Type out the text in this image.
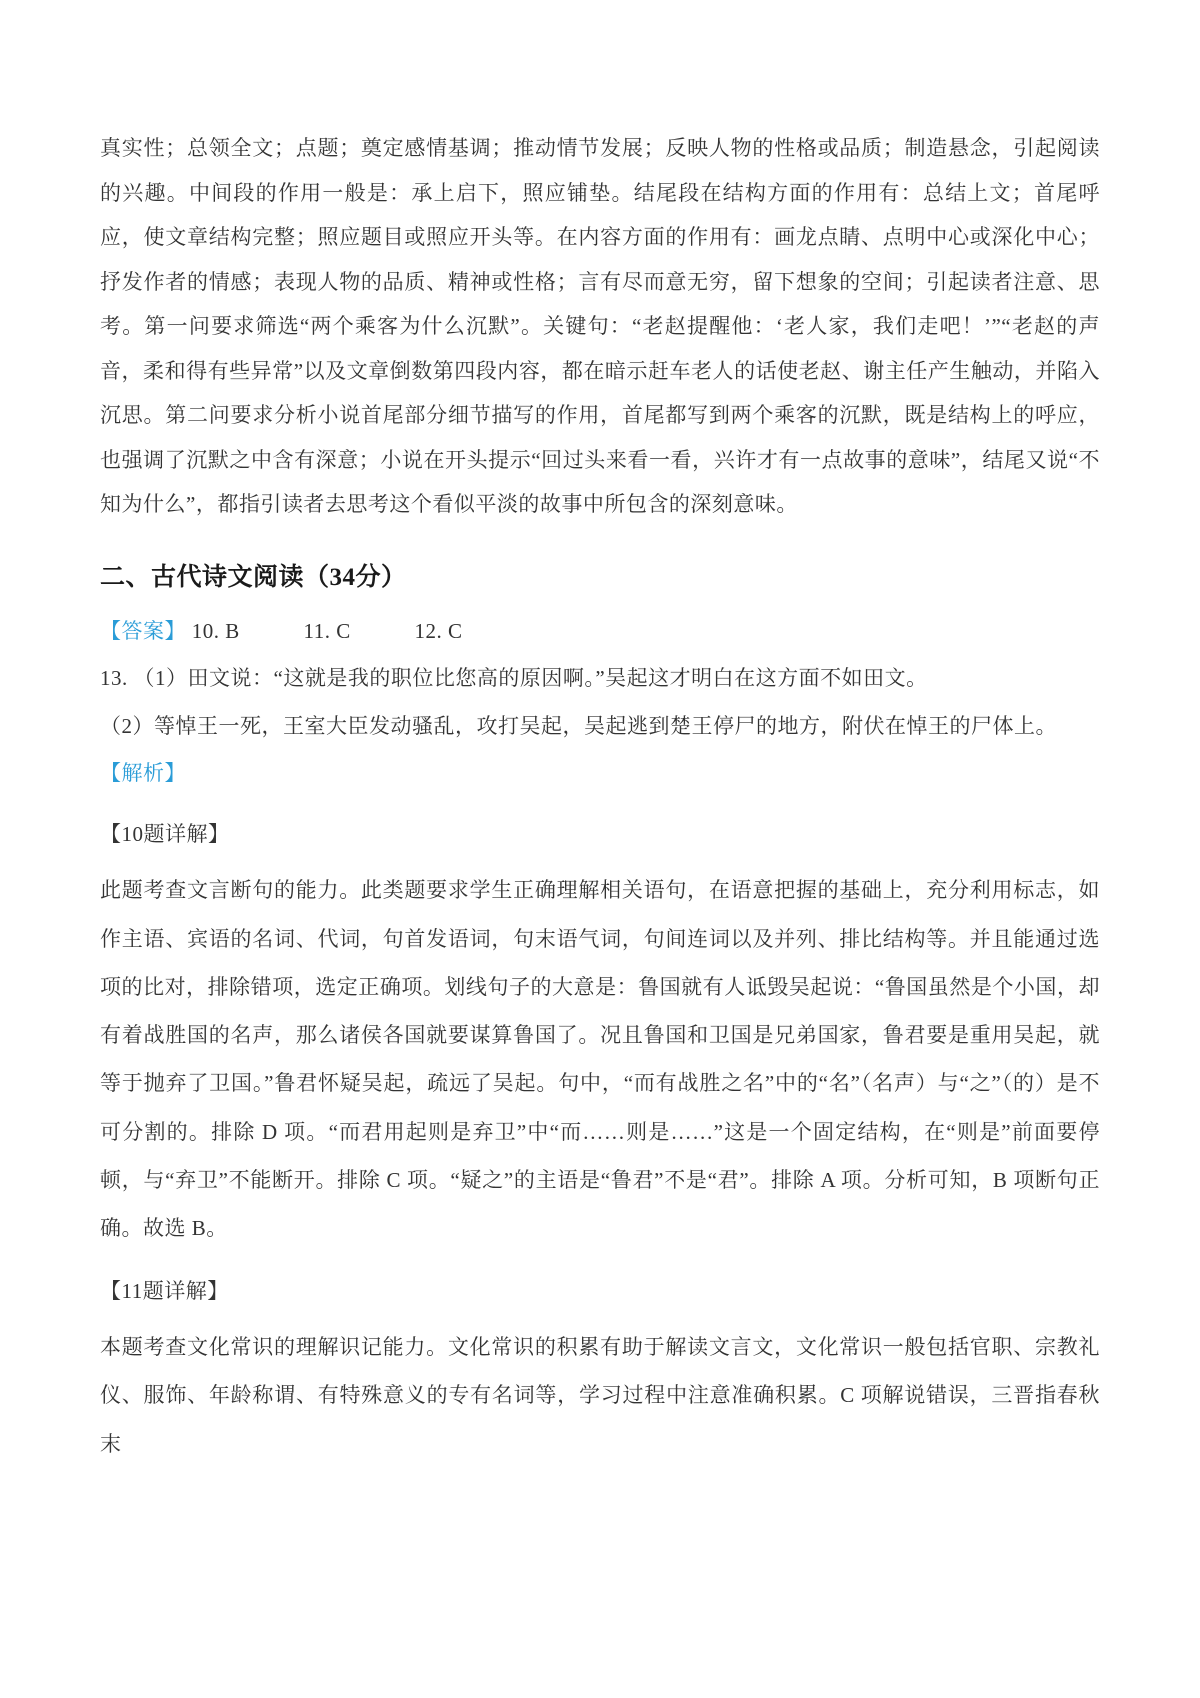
真实性；总领全文；点题；奠定感情基调；推动情节发展；反映人物的性格或品质；制造悬念，引起阅读的兴趣。中间段的作用一般是：承上启下，照应铺垫。结尾段在结构方面的作用有：总结上文；首尾呼应，使文章结构完整；照应题目或照应开头等。在内容方面的作用有：画龙点睛、点明中心或深化中心；抒发作者的情感；表现人物的品质、精神或性格；言有尽而意无穷，留下想象的空间；引起读者注意、思考。第一问要求筛选“两个乘客为什么沉默”。关键句：“老赵提醒他：‘老人家，我们走吧！’”“老赵的声音，柔和得有些异常”以及文章倒数第四段内容，都在暗示赶车老人的话使老赵、谢主任产生触动，并陷入沉思。第二问要求分析小说首尾部分细节描写的作用，首尾都写到两个乘客的沉默，既是结构上的呼应，也强调了沉默之中含有深意；小说在开头提示“回过头来看一看，兴许才有一点故事的意味”，结尾又说“不知为什么”，都指引读者去思考这个看似平淡的故事中所包含的深刻意味。

二、古代诗文阅读（34分）

【答案】 10. B	11. C	12. C

13. （1）田文说：“这就是我的职位比您高的原因啊。”吴起这才明白在这方面不如田文。

（2）等悼王一死，王室大臣发动骚乱，攻打吴起，吴起逃到楚王停尸的地方，附伏在悼王的尸体上。

【解析】

【10题详解】

此题考查文言断句的能力。此类题要求学生正确理解相关语句，在语意把握的基础上，充分利用标志，如作主语、宾语的名词、代词，句首发语词，句末语气词，句间连词以及并列、排比结构等。并且能通过选项的比对，排除错项，选定正确项。划线句子的大意是：鲁国就有人诋毁吴起说：“鲁国虽然是个小国，却有着战胜国的名声，那么诸侯各国就要谋算鲁国了。况且鲁国和卫国是兄弟国家，鲁君要是重用吴起，就等于抛弃了卫国。”鲁君怀疑吴起，疏远了吴起。句中，“而有战胜之名”中的“名”（名声）与“之”（的）是不可分割的。排除 D 项。“而君用起则是弃卫”中“而……则是……”这是一个固定结构，在“则是”前面要停顿，与“弃卫”不能断开。排除 C 项。“疑之”的主语是“鲁君”不是“君”。排除 A 项。分析可知，B 项断句正确。故选 B。

【11题详解】

本题考查文化常识的理解识记能力。文化常识的积累有助于解读文言文，文化常识一般包括官职、宗教礼仪、服饰、年龄称谓、有特殊意义的专有名词等，学习过程中注意准确积累。C 项解说错误，三晋指春秋末
